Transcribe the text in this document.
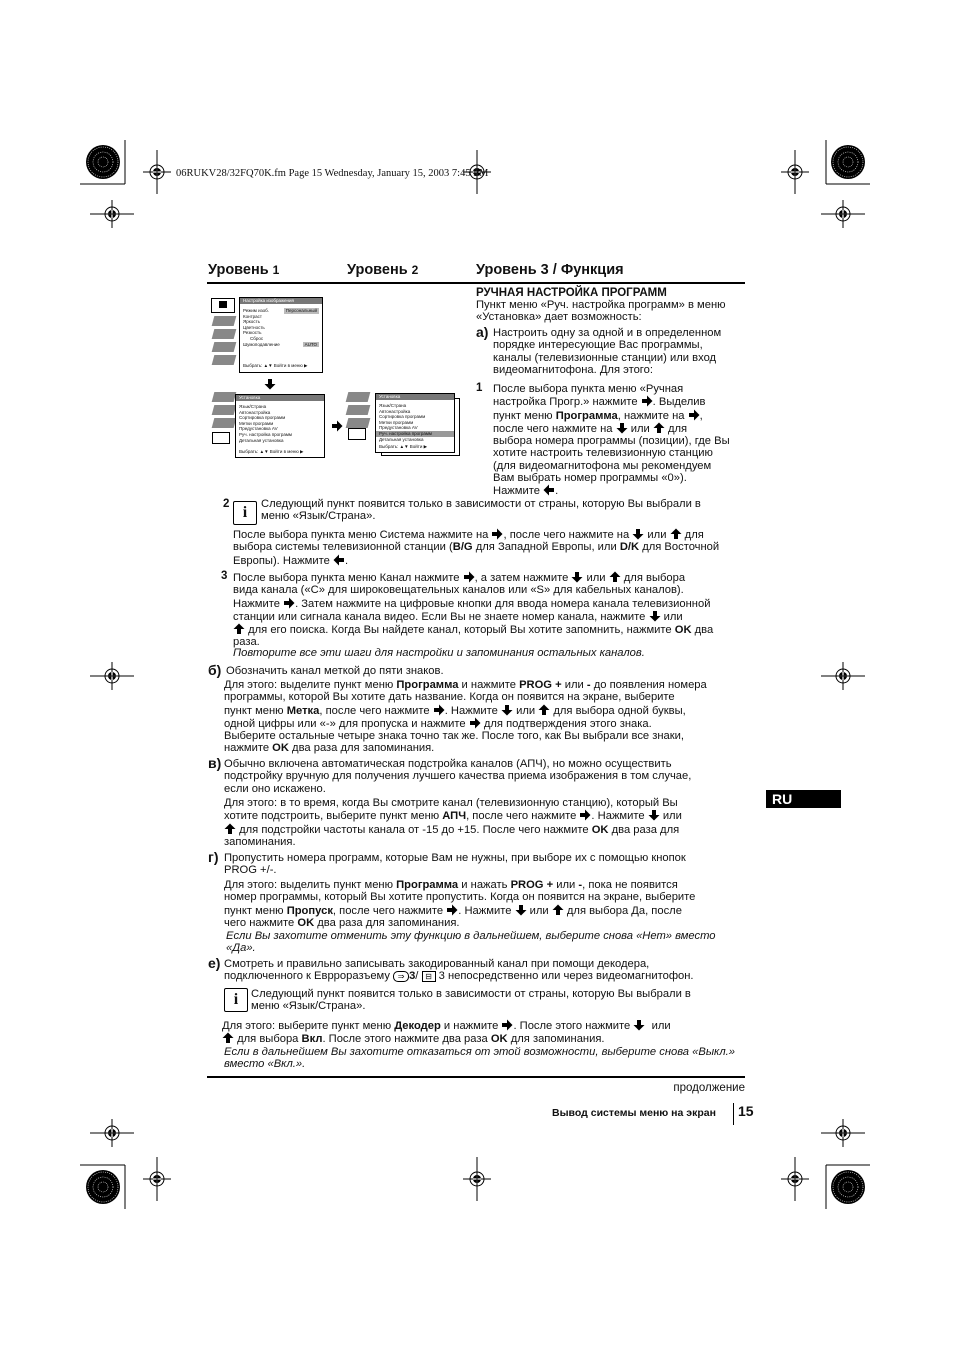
06RUKV28/32FQ70K.fm Page 15 Wednesday, January 15, 2003 7:45 PM
Уровень 1	Уровень 2	Уровень 3 / Функция
Настройка изображения
Режим изоб.	Персональный
Контраст
Яркость
Цветность
Резкость
Сброс
Шумоподавление	AUTO
Выбрать: ▲▼ Войти в меню ▶
Установка
Язык/Страна
Автонастройка
Сортировка программ
Метки программ
Предустановка AV
Руч. настройка программ
Детальная установка
Выбрать: ▲▼ Войти в меню ▶
Установка
Язык/Страна
Автонастройка
Сортировка программ
Метки программ
Предустановка AV
Руч. настройка программ
Детальная установка
Выбрать: ▲▼ Войти ▶
РУЧНАЯ НАСТРОЙКА ПРОГРАММ
Пункт меню «Руч. настройка программ» в меню
«Установка» дает возможность:
а) Настроить одну за одной и в определенном
порядке интересующие Вас программы,
каналы (телевизионные станции) или вход
видеомагнитофона. Для этого:
1 После выбора пункта меню «Ручная
настройка Прогр.» нажмите . Выделив
пункт меню Программа, нажмите на ,
после чего нажмите на или для
выбора номера программы (позиции), где Вы
хотите настроить телевизионную станцию
(для видеомагнитофона мы рекомендуем
Вам выбрать номер программы «0»).
Нажмите .
2 i	Следующий пункт появится только в зависимости от страны, которую Вы выбрали в
меню «Язык/Страна».
После выбора пункта меню Система нажмите на , после чего нажмите на или для
выбора системы телевизионной станции (B/G для Западной Европы, или D/K для Восточной
Европы). Нажмите .
3 После выбора пункта меню Канал нажмите , а затем нажмите или для выбора
вида канала («C» для широковещательных каналов или «S» для кабельных каналов).
Нажмите . Затем нажмите на цифровые кнопки для ввода номера канала телевизионной
станции или сигнала канала видео. Если Вы не знаете номер канала, нажмите или
для его поиска. Когда Вы найдете канал, который Вы хотите запомнить, нажмите OK два
раза.
Повторите все эти шаги для настройки и запоминания остальных каналов.
б) Обозначить канал меткой до пяти знаков.
Для этого: выделите пункт меню Программа и нажмите PROG + или - до появления номера
программы, которой Вы хотите дать название. Когда он появится на экране, выберите
пункт меню Метка, после чего нажмите . Нажмите или для выбора одной буквы,
одной цифры или «-» для пропуска и нажмите для подтверждения этого знака.
Выберите остальные четыре знака точно так же. После того, как Вы выбрали все знаки,
нажмите OK два раза для запоминания.
в) Обычно включена автоматическая подстройка каналов (АПЧ), но можно осуществить
подстройку вручную для получения лучшего качества приема изображения в том случае,
если оно искажено.
Для этого: в то время, когда Вы смотрите канал (телевизионную станцию), который Вы
хотите подстроить, выберите пункт меню АПЧ, после чего нажмите . Нажмите или
для подстройки частоты канала от -15 до +15. После чего нажмите OK два раза для
запоминания.
RU
г) Пропустить номера программ, которые Вам не нужны, при выборе их с помощью кнопок
PROG +/-.
Для этого: выделить пункт меню Программа и нажать PROG + или -, пока не появится
номер программы, который Вы хотите пропустить. Когда он появится на экране, выберите
пункт меню Пропуск, после чего нажмите . Нажмите или для выбора Да, после
чего нажмите OK два раза для запоминания.
Если Вы захотите отменить эту функцию в дальнейшем, выберите снова «Нет» вместо
«Да».
е) Смотреть и правильно записывать закодированный канал при помощи декодера,
подключенного к Еврроразъему ⇒ 3/ ⊟ 3 непосредственно или через видеомагнитофон.
i	Следующий пункт появится только в зависимости от страны, которую Вы выбрали в
меню «Язык/Страна».
Для этого: выберите пункт меню Декодер и нажмите . После этого нажмите или
для выбора Вкл. После этого нажмите два раза OK для запоминания.
Если в дальнейшем Вы захотите отказаться от этой возможности, выберите снова «Выкл.»
вместо «Вкл.».
продолжение
Вывод системы меню на экран 15
